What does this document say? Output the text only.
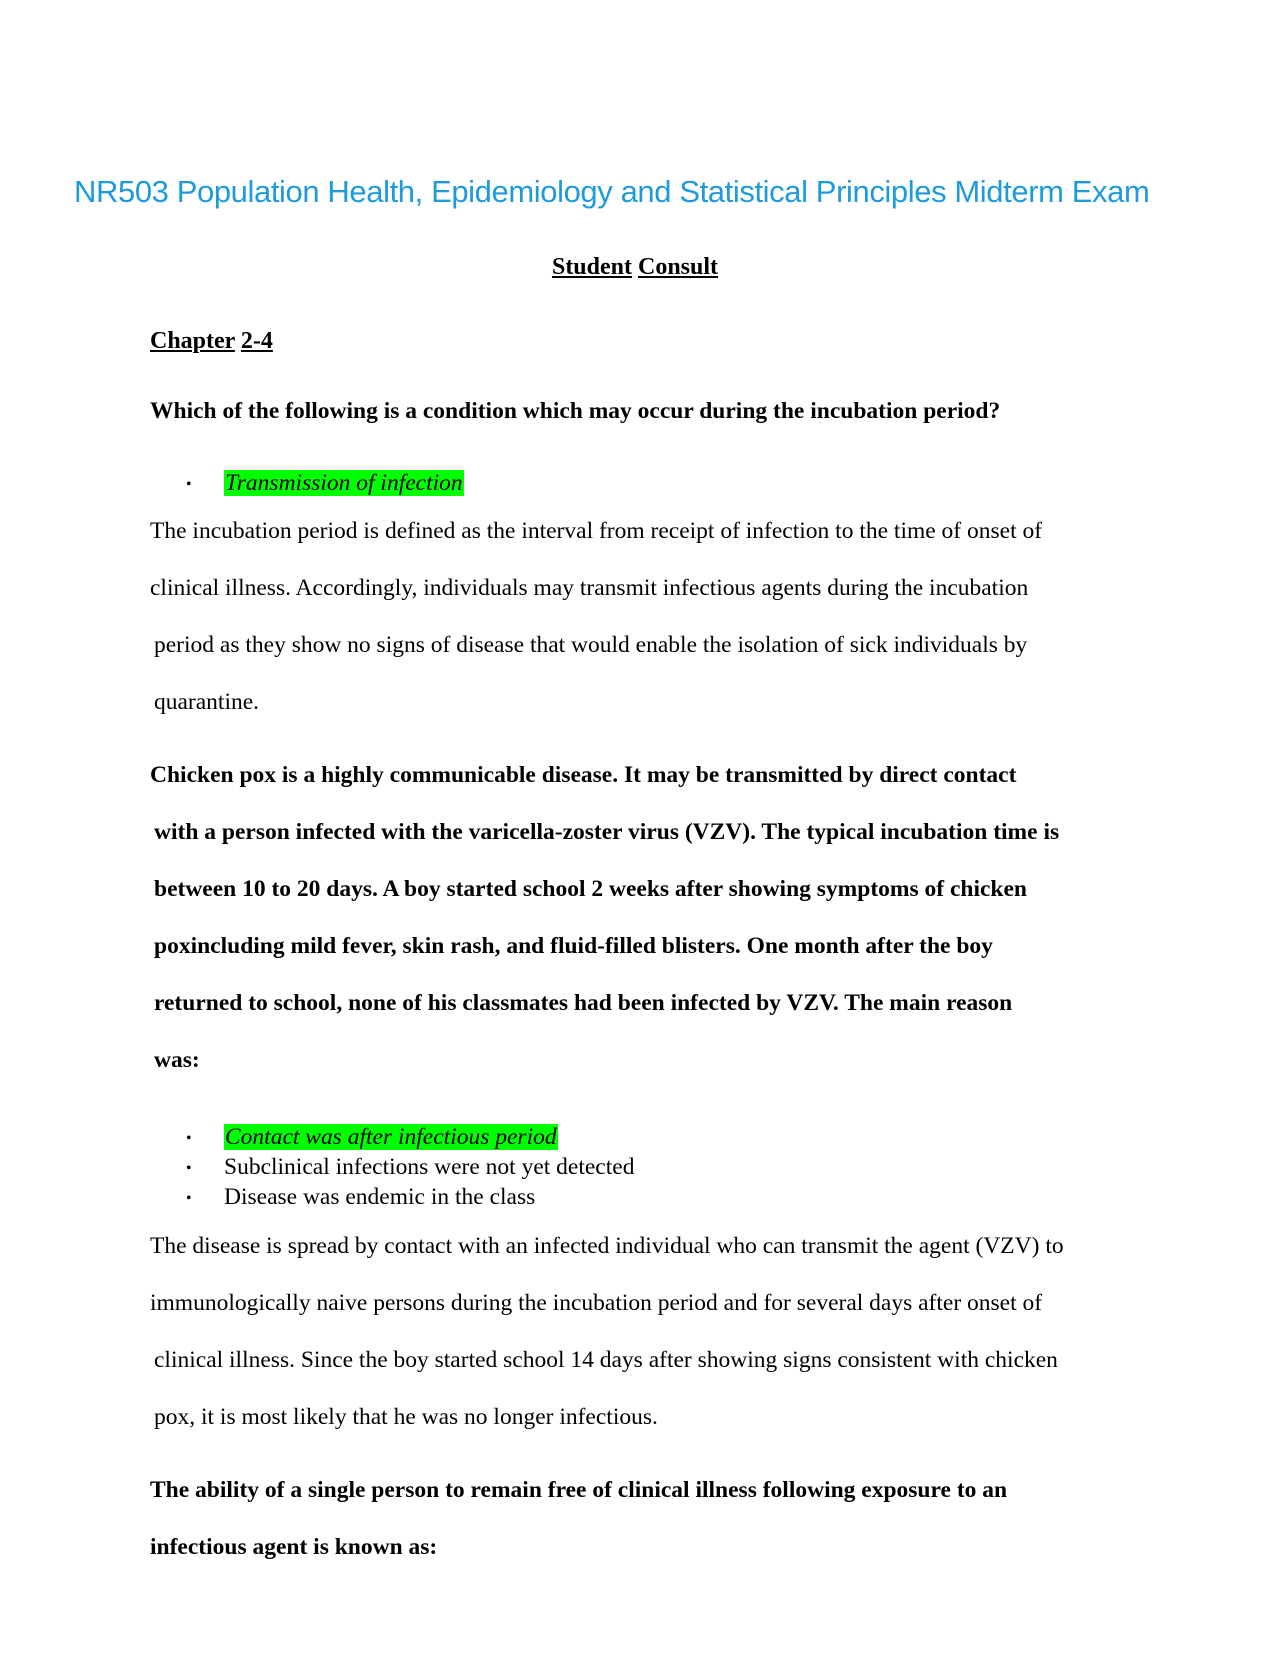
NR503 Population Health, Epidemiology and Statistical Principles Midterm Exam
Student Consult
Chapter 2-4
Which of the following is a condition which may occur during the incubation period?
• Transmission of infection
The incubation period is defined as the interval from receipt of infection to the time of onset of
clinical illness. Accordingly, individuals may transmit infectious agents during the incubation
period as they show no signs of disease that would enable the isolation of sick individuals by
quarantine.
Chicken pox is a highly communicable disease. It may be transmitted by direct contact
with a person infected with the varicella-zoster virus (VZV). The typical incubation time is
between 10 to 20 days. A boy started school 2 weeks after showing symptoms of chicken
poxincluding mild fever, skin rash, and fluid-filled blisters. One month after the boy
returned to school, none of his classmates had been infected by VZV. The main reason
was:
• Contact was after infectious period
• Subclinical infections were not yet detected
• Disease was endemic in the class
The disease is spread by contact with an infected individual who can transmit the agent (VZV) to
immunologically naive persons during the incubation period and for several days after onset of
clinical illness. Since the boy started school 14 days after showing signs consistent with chicken
pox, it is most likely that he was no longer infectious.
The ability of a single person to remain free of clinical illness following exposure to an
infectious agent is known as:
